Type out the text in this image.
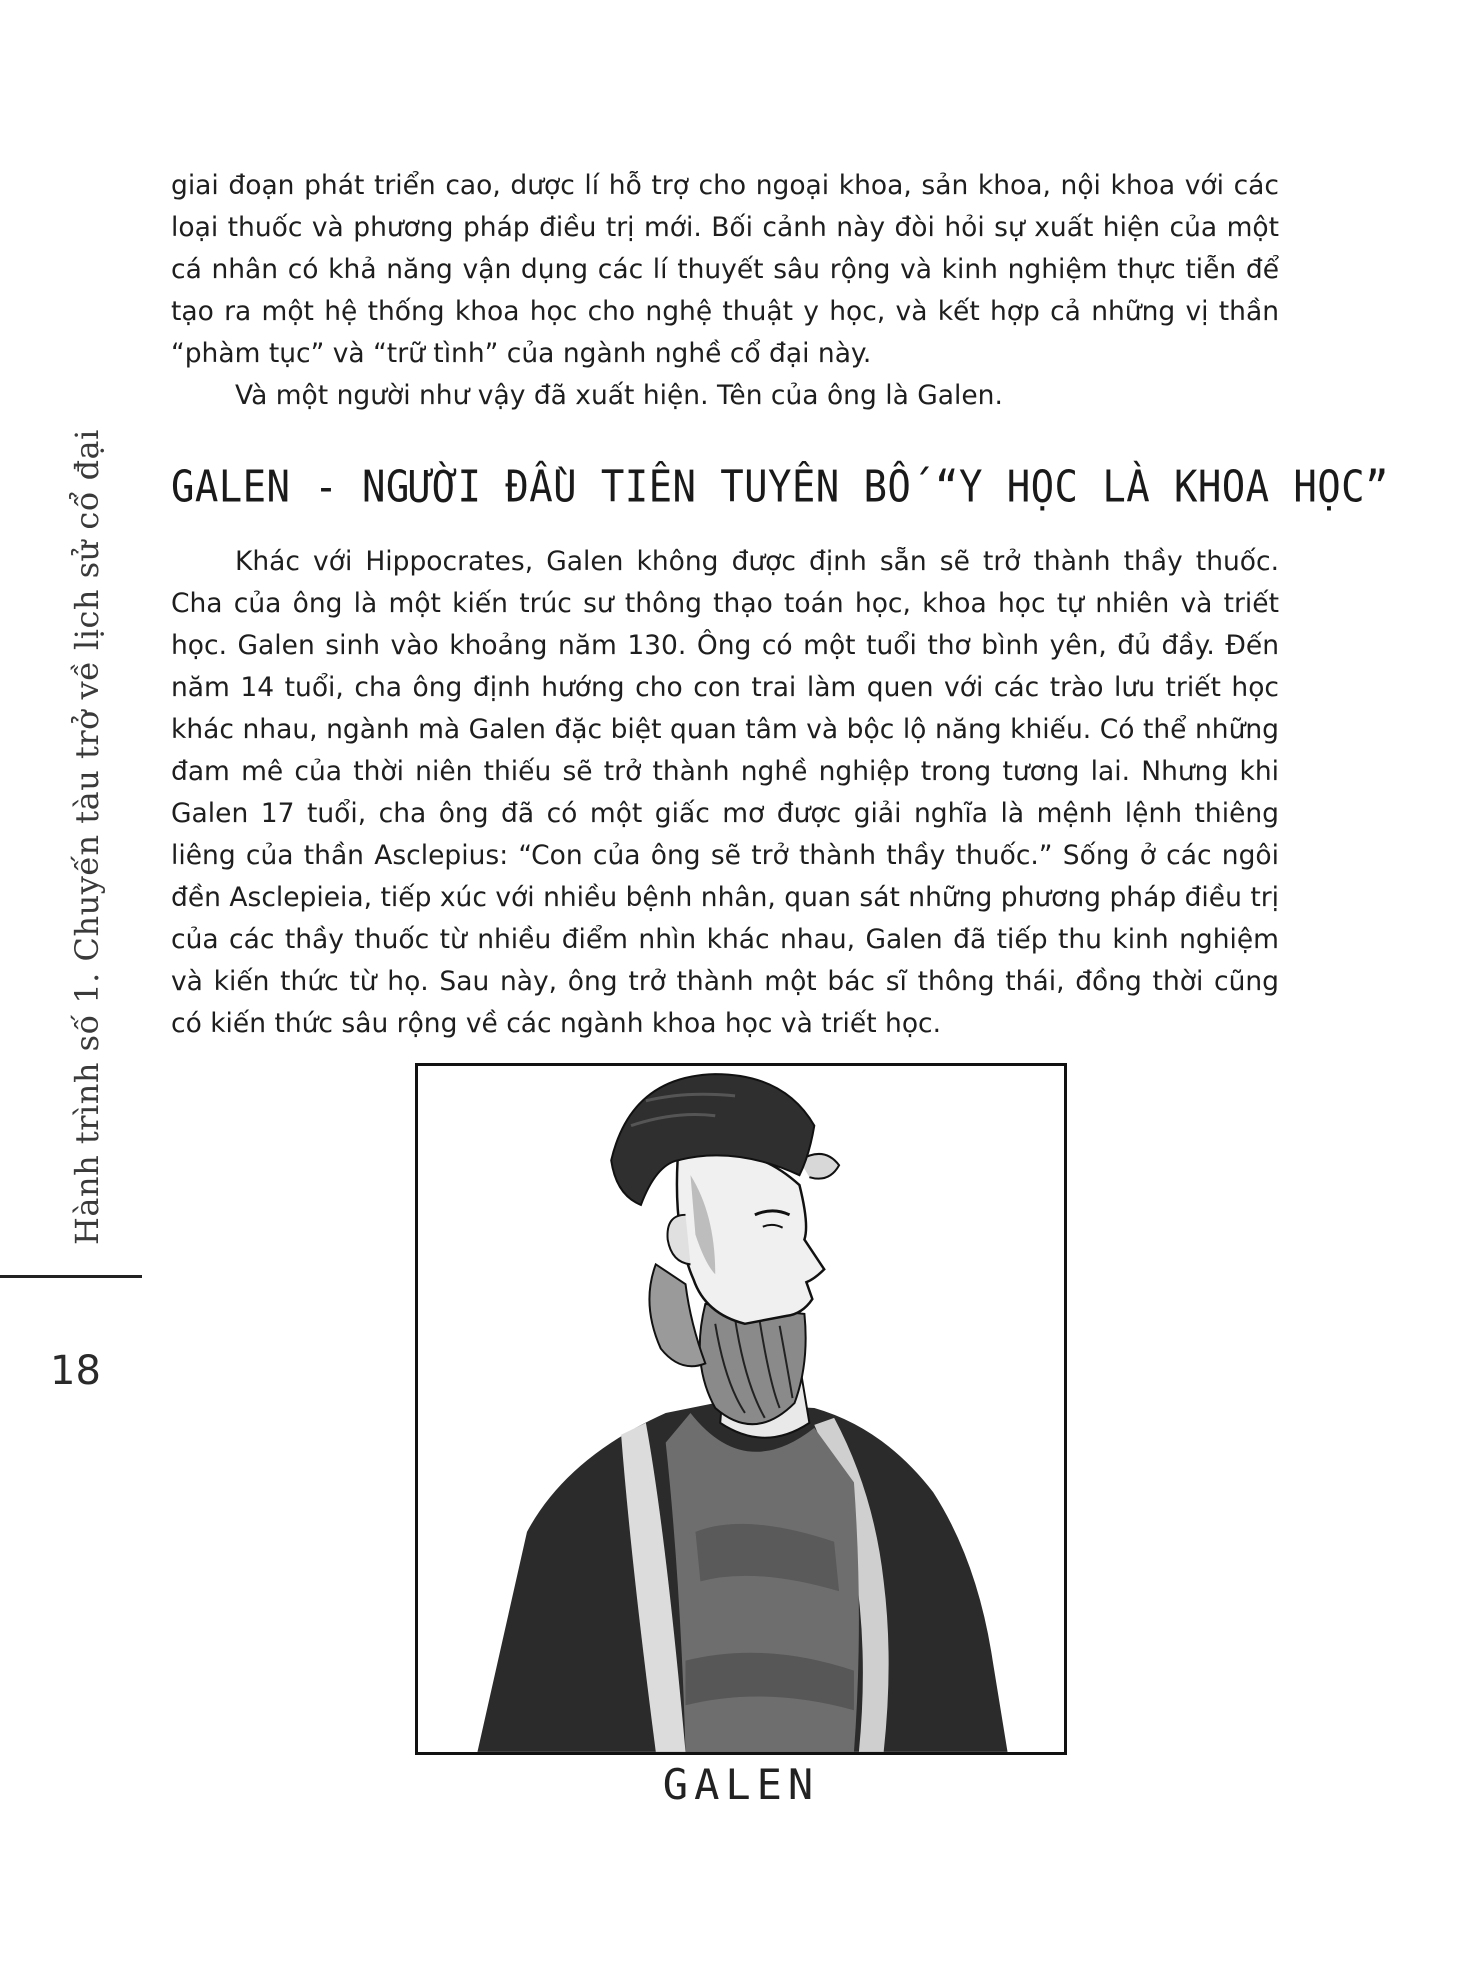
Hành trình số 1. Chuyến tàu trở về lịch sử cổ đại
18

giai đoạn phát triển cao, dược lí hỗ trợ cho ngoại khoa, sản khoa, nội khoa với các loại thuốc và phương pháp điều trị mới. Bối cảnh này đòi hỏi sự xuất hiện của một cá nhân có khả năng vận dụng các lí thuyết sâu rộng và kinh nghiệm thực tiễn để tạo ra một hệ thống khoa học cho nghệ thuật y học, và kết hợp cả những vị thần “phàm tục” và “trữ tình” của ngành nghề cổ đại này.

Và một người như vậy đã xuất hiện. Tên của ông là Galen.

GALEN - NGƯỜI ĐẦU TIÊN TUYÊN BỐ “Y HỌC LÀ KHOA HỌC”

Khác với Hippocrates, Galen không được định sẵn sẽ trở thành thầy thuốc. Cha của ông là một kiến trúc sư thông thạo toán học, khoa học tự nhiên và triết học. Galen sinh vào khoảng năm 130. Ông có một tuổi thơ bình yên, đủ đầy. Đến năm 14 tuổi, cha ông định hướng cho con trai làm quen với các trào lưu triết học khác nhau, ngành mà Galen đặc biệt quan tâm và bộc lộ năng khiếu. Có thể những đam mê của thời niên thiếu sẽ trở thành nghề nghiệp trong tương lai. Nhưng khi Galen 17 tuổi, cha ông đã có một giấc mơ được giải nghĩa là mệnh lệnh thiêng liêng của thần Asclepius: “Con của ông sẽ trở thành thầy thuốc.” Sống ở các ngôi đền Asclepieia, tiếp xúc với nhiều bệnh nhân, quan sát những phương pháp điều trị của các thầy thuốc từ nhiều điểm nhìn khác nhau, Galen đã tiếp thu kinh nghiệm và kiến thức từ họ. Sau này, ông trở thành một bác sĩ thông thái, đồng thời cũng có kiến thức sâu rộng về các ngành khoa học và triết học.

GALEN
